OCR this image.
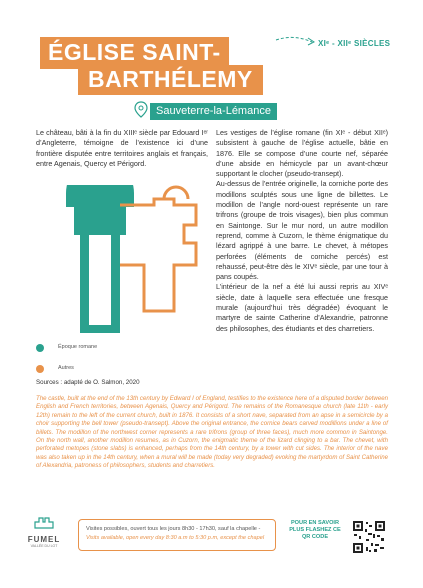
ÉGLISE SAINT-
BARTHÉLEMY
XIᵉ - XIIᵉ SIÈCLES
Sauveterre-la-Lémance

Le château, bâti à la fin du XIIIᵉ siècle par Edouard Iᵉʳ d’Angleterre, témoigne de l’existence ici d’une frontière disputée entre territoires anglais et français, entre Agenais, Quercy et Périgord.

Les vestiges de l’église romane (fin XIᵉ - début XIIᵉ) subsistent à gauche de l’église actuelle, bâtie en 1876. Elle se compose d’une courte nef, séparée d’une abside en hémicycle par un avant-chœur supportant le clocher (pseudo-transept).

Au-dessus de l’entrée originelle, la corniche porte des modillons sculptés sous une ligne de billettes. Le modillon de l’angle nord-ouest représente un rare trifrons (groupe de trois visages), bien plus commun en Saintonge. Sur le mur nord, un autre modillon reprend, comme à Cuzorn, le thème énigmatique du lézard agrippé à une barre. Le chevet, à métopes perforées (éléments de corniche percés) est rehaussé, peut-être dès le XIVᵉ siècle, par une tour à pans coupés.

L’intérieur de la nef a été lui aussi repris au XIVᵉ siècle, date à laquelle sera effectuée une fresque murale (aujourd’hui très dégradée) évoquant le martyre de sainte Catherine d’Alexandrie, patronne des philosophes, des étudiants et des charretiers.

Époque romane
Autres
Sources : adapté de O. Salmon, 2020
The castle, built at the end of the 13th century by Edward I of England, testifies to the existence here of a disputed border between English and French territories, between Agenais, Quercy and Périgord. The remains of the Romanesque church (late 11th - early 12th) remain to the left of the current church, built in 1876. It consists of a short nave, separated from an apse in a semicircle by a choir supporting the bell tower (pseudo-transept). Above the original entrance, the cornice bears carved modillions under a line of billets. The modillon of the northwest corner represents a rare trifrons (group of three faces), much more common in Saintonge. On the north wall, another modillon resumes, as in Cuzorn, the enigmatic theme of the lizard clinging to a bar. The chevet, with perforated metopes (stone slabs) is enhanced, perhaps from the 14th century, by a tower with cut sides. The interior of the nave was also taken up in the 14th century, when a mural will be made (today very degraded) evoking the martyrdom of Saint Catherine of Alexandria, patroness of philosophers, students and charretiers.
FUMEL
VALLÉE DU LOT
Visites possibles, ouvert tous les jours 8h30 - 17h30, sauf la chapelle -
Visits available, open every day 8:30 a.m to 5:30 p.m, except the chapel
POUR EN SAVOIR PLUS FLASHEZ CE QR CODE
